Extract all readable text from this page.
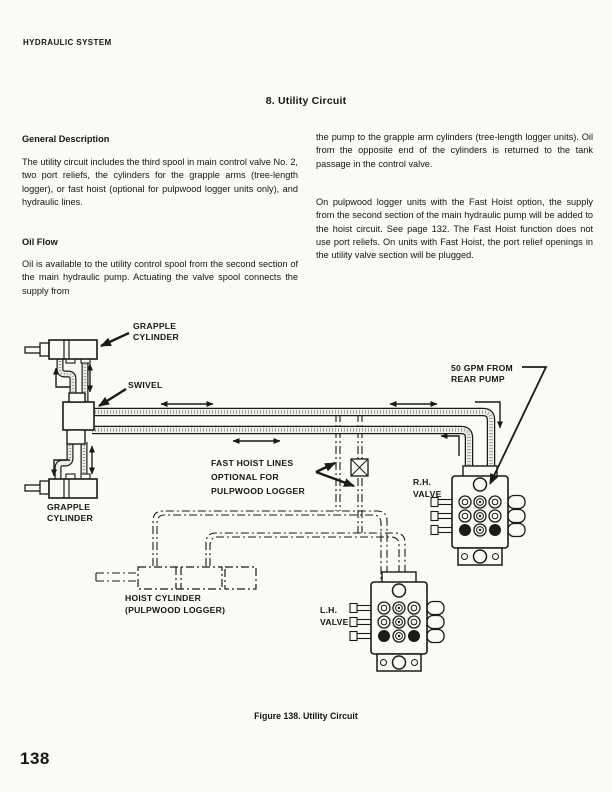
HYDRAULIC SYSTEM
8. Utility Circuit
General Description

The utility circuit includes the third spool in main control valve No. 2, two port reliefs, the cylinders for the grapple arms (tree-length logger), or fast hoist (optional for pulpwood logger units only), and hydraulic lines.

Oil Flow

Oil is available to the utility control spool from the second section of the main hydraulic pump. Actuating the valve spool connects the supply from

the pump to the grapple arm cylinders (tree-length logger units). Oil from the opposite end of the cylinders is returned to the tank passage in the control valve.

On pulpwood logger units with the Fast Hoist option, the supply from the second section of the main hydraulic pump will be added to the hoist circuit. See page 132. The Fast Hoist function does not use port reliefs. On units with Fast Hoist, the port relief openings in the utility valve section will be plugged.

GRAPPLE
CYLINDER
SWIVEL
50 GPM FROM
REAR PUMP
FAST HOIST LINES
OPTIONAL FOR
PULPWOOD LOGGER
R.H.
VALVE
GRAPPLE
CYLINDER
HOIST CYLINDER
(PULPWOOD LOGGER)	L.H.
VALVE
Figure 138. Utility Circuit
138
